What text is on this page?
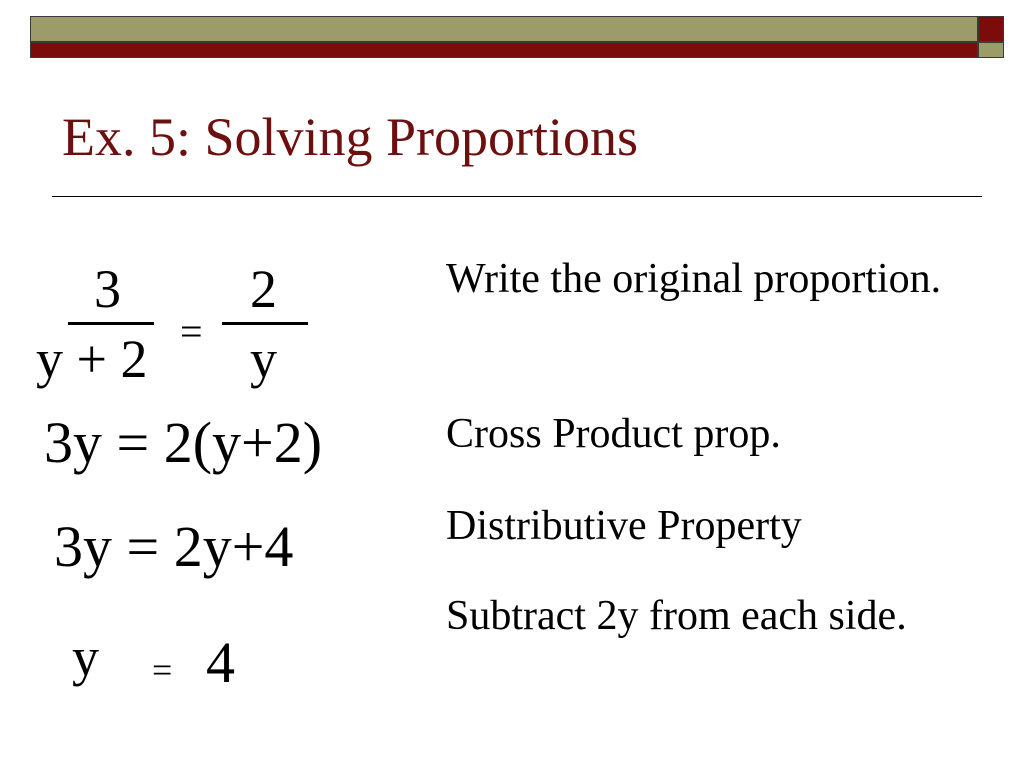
Ex. 5: Solving Proportions
3
y + 2 =
2
y
3y = 2(y+2)
3y = 2y+4
y = 4
Write the original proportion.
Cross Product prop.
Distributive Property
Subtract 2y from each side.
